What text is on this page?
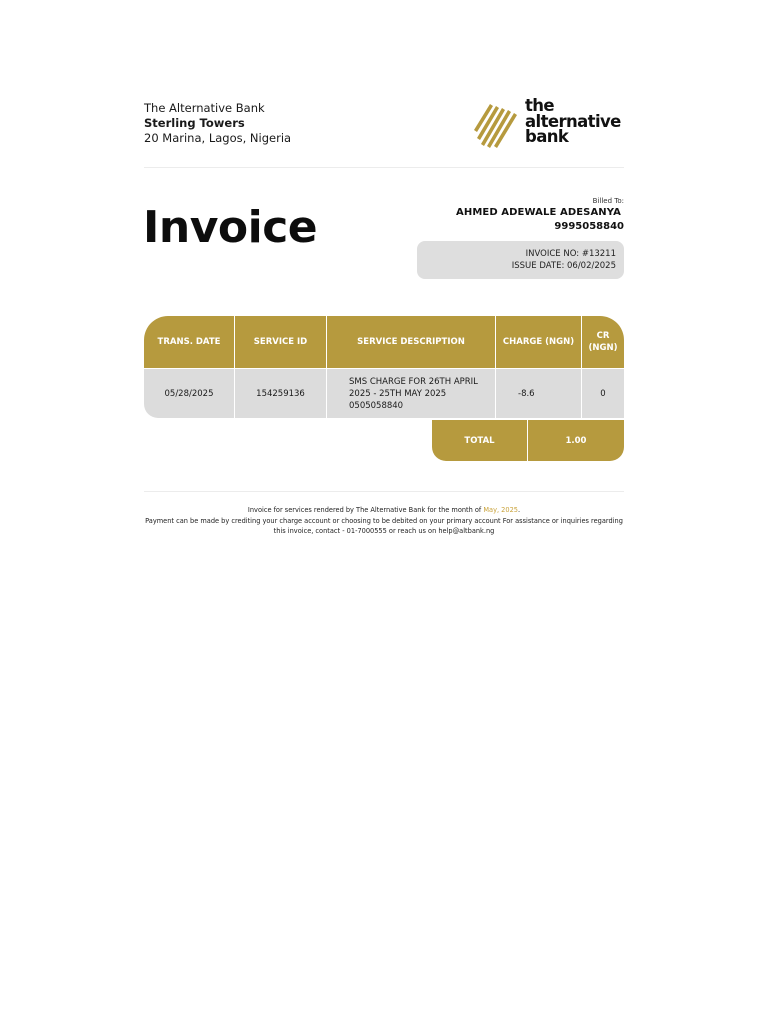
The Alternative Bank
Sterling Towers
20 Marina, Lagos, Nigeria
the
alternative
bank
Invoice
Billed To:
AHMED ADEWALE ADESANYA
9995058840
INVOICE NO: #13211
ISSUE DATE: 06/02/2025
TRANS. DATE	SERVICE ID	SERVICE DESCRIPTION	CHARGE (NGN)	CR (NGN)
05/28/2025	154259136	SMS CHARGE FOR 26TH APRIL 2025 - 25TH MAY 2025 0505058840	-8.6	0
TOTAL	1.00
Invoice for services rendered by The Alternative Bank for the month of May, 2025.
Payment can be made by crediting your charge account or choosing to be debited on your primary account For assistance or inquiries regarding this invoice, contact - 01-7000555 or reach us on help@altbank.ng
